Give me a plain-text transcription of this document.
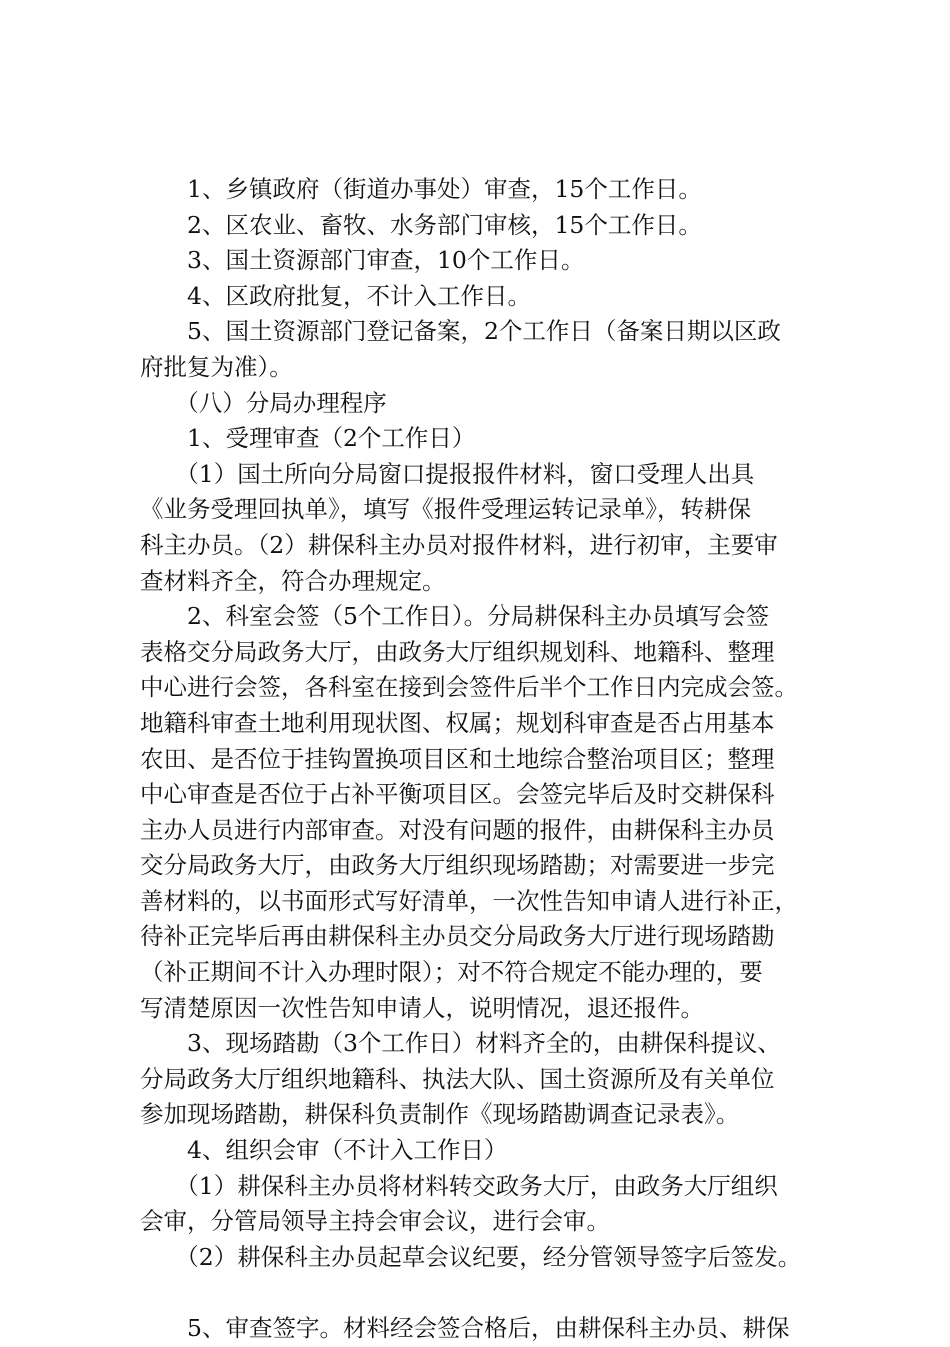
　　1、乡镇政府（街道办事处）审查，15个工作日。
　　2、区农业、畜牧、水务部门审核，15个工作日。
　　3、国土资源部门审查，10个工作日。
　　4、区政府批复，不计入工作日。
　　5、国土资源部门登记备案，2个工作日（备案日期以区政
府批复为准）。
　　（八）分局办理程序
　　1、受理审查（2个工作日）
　　（1）国土所向分局窗口提报报件材料，窗口受理人出具
《业务受理回执单》，填写《报件受理运转记录单》，转耕保
科主办员。（2）耕保科主办员对报件材料，进行初审，主要审
查材料齐全，符合办理规定。
　　2、科室会签（5个工作日）。分局耕保科主办员填写会签
表格交分局政务大厅，由政务大厅组织规划科、地籍科、整理
中心进行会签，各科室在接到会签件后半个工作日内完成会签。
地籍科审查土地利用现状图、权属；规划科审查是否占用基本
农田、是否位于挂钩置换项目区和土地综合整治项目区；整理
中心审查是否位于占补平衡项目区。会签完毕后及时交耕保科
主办人员进行内部审查。对没有问题的报件，由耕保科主办员
交分局政务大厅，由政务大厅组织现场踏勘；对需要进一步完
善材料的，以书面形式写好清单，一次性告知申请人进行补正，
待补正完毕后再由耕保科主办员交分局政务大厅进行现场踏勘
（补正期间不计入办理时限）；对不符合规定不能办理的，要
写清楚原因一次性告知申请人，说明情况，退还报件。
　　3、现场踏勘（3个工作日）材料齐全的，由耕保科提议、
分局政务大厅组织地籍科、执法大队、国土资源所及有关单位
参加现场踏勘，耕保科负责制作《现场踏勘调查记录表》。
　　4、组织会审（不计入工作日）
　　（1）耕保科主办员将材料转交政务大厅，由政务大厅组织
会审，分管局领导主持会审会议，进行会审。
　　（2）耕保科主办员起草会议纪要，经分管领导签字后签发。
　　5、审查签字。材料经会签合格后，由耕保科主办员、耕保
